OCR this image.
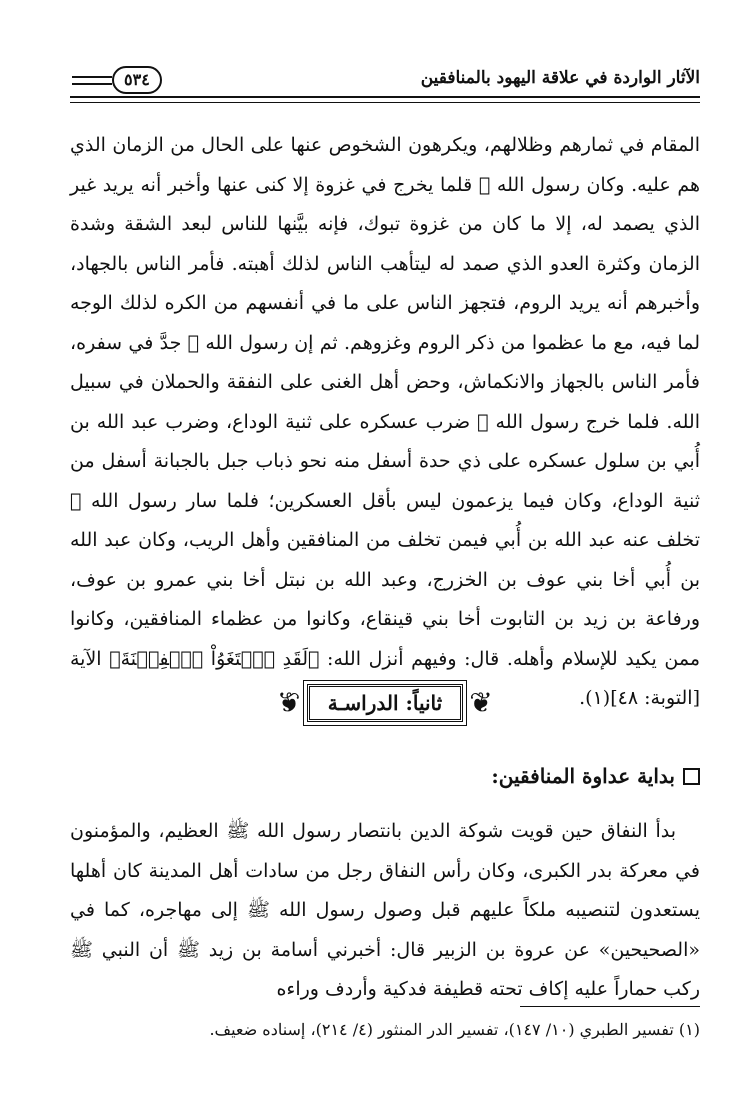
الآثار الواردة في علاقة اليهود بالمنافقين
٥٣٤

المقام في ثمارهم وظلالهم، ويكرهون الشخوص عنها على الحال من الزمان الذي هم عليه. وكان رسول الله ﷺ قلما يخرج في غزوة إلا كنى عنها وأخبر أنه يريد غير الذي يصمد له، إلا ما كان من غزوة تبوك، فإنه بيَّنها للناس لبعد الشقة وشدة الزمان وكثرة العدو الذي صمد له ليتأهب الناس لذلك أهبته. فأمر الناس بالجهاد، وأخبرهم أنه يريد الروم، فتجهز الناس على ما في أنفسهم من الكره لذلك الوجه لما فيه، مع ما عظموا من ذكر الروم وغزوهم. ثم إن رسول الله ﷺ جدَّ في سفره، فأمر الناس بالجهاز والانكماش، وحض أهل الغنى على النفقة والحملان في سبيل الله. فلما خرج رسول الله ﷺ ضرب عسكره على ثنية الوداع، وضرب عبد الله بن أُبي بن سلول عسكره على ذي حدة أسفل منه نحو ذباب جبل بالجبانة أسفل من ثنية الوداع، وكان فيما يزعمون ليس بأقل العسكرين؛ فلما سار رسول الله ﷺ تخلف عنه عبد الله بن أُبي فيمن تخلف من المنافقين وأهل الريب، وكان عبد الله بن أُبي أخا بني عوف بن الخزرج، وعبد الله بن نبتل أخا بني عمرو بن عوف، ورفاعة بن زيد بن التابوت أخا بني قينقاع، وكانوا من عظماء المنافقين، وكانوا ممن يكيد للإسلام وأهله. قال: وفيهم أنزل الله: ﴿لَقَدِ ٱبۡتَغَوُاْ ٱلۡفِتۡنَةَ﴾ الآية [التوبة: ٤٨](١).

❦
ثانياً: الدراسـة
❦
بداية عداوة المنافقين:

بدأ النفاق حين قويت شوكة الدين بانتصار رسول الله ﷺ العظيم، والمؤمنون في معركة بدر الكبرى، وكان رأس النفاق رجل من سادات أهل المدينة كان أهلها يستعدون لتنصيبه ملكاً عليهم قبل وصول رسول الله ﷺ إلى مهاجره، كما في «الصحيحين» عن عروة بن الزبير قال: أخبرني أسامة بن زيد ﷺ أن النبي ﷺ ركب حماراً عليه إكاف تحته قطيفة فدكية وأردف وراءه

(١) تفسير الطبري (١٠/ ١٤٧)، تفسير الدر المنثور (٤/ ٢١٤)، إسناده ضعيف.
